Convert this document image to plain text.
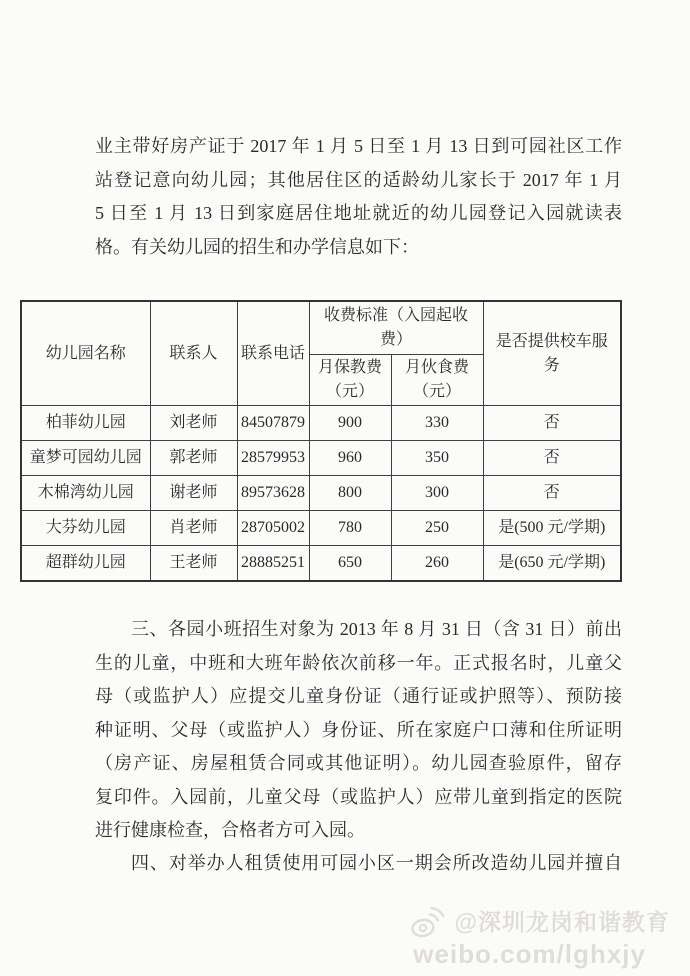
业主带好房产证于 2017 年 1 月 5 日至 1 月 13 日到可园社区工作
站登记意向幼儿园；其他居住区的适龄幼儿家长于 2017 年 1 月
5 日至 1 月 13 日到家庭居住地址就近的幼儿园登记入园就读表
格。有关幼儿园的招生和办学信息如下：
幼儿园名称	联系人	联系电话	收费标准（入园起收费）		是否提供校车服务
			月保教费（元）	月伙食费（元）	
柏菲幼儿园	刘老师	84507879	900	330	否
童梦可园幼儿园	郭老师	28579953	960	350	否
木棉湾幼儿园	谢老师	89573628	800	300	否
大芬幼儿园	肖老师	28705002	780	250	是(500 元/学期)
超群幼儿园	王老师	28885251	650	260	是(650 元/学期)
三、各园小班招生对象为 2013 年 8 月 31 日（含 31 日）前出
生的儿童，中班和大班年龄依次前移一年。正式报名时，儿童父
母（或监护人）应提交儿童身份证（通行证或护照等）、预防接
种证明、父母（或监护人）身份证、所在家庭户口薄和住所证明
（房产证、房屋租赁合同或其他证明）。幼儿园查验原件，留存
复印件。入园前，儿童父母（或监护人）应带儿童到指定的医院
进行健康检查，合格者方可入园。
四、对举办人租赁使用可园小区一期会所改造幼儿园并擅自
@深圳龙岗和谐教育
weibo.com/lghxjy
